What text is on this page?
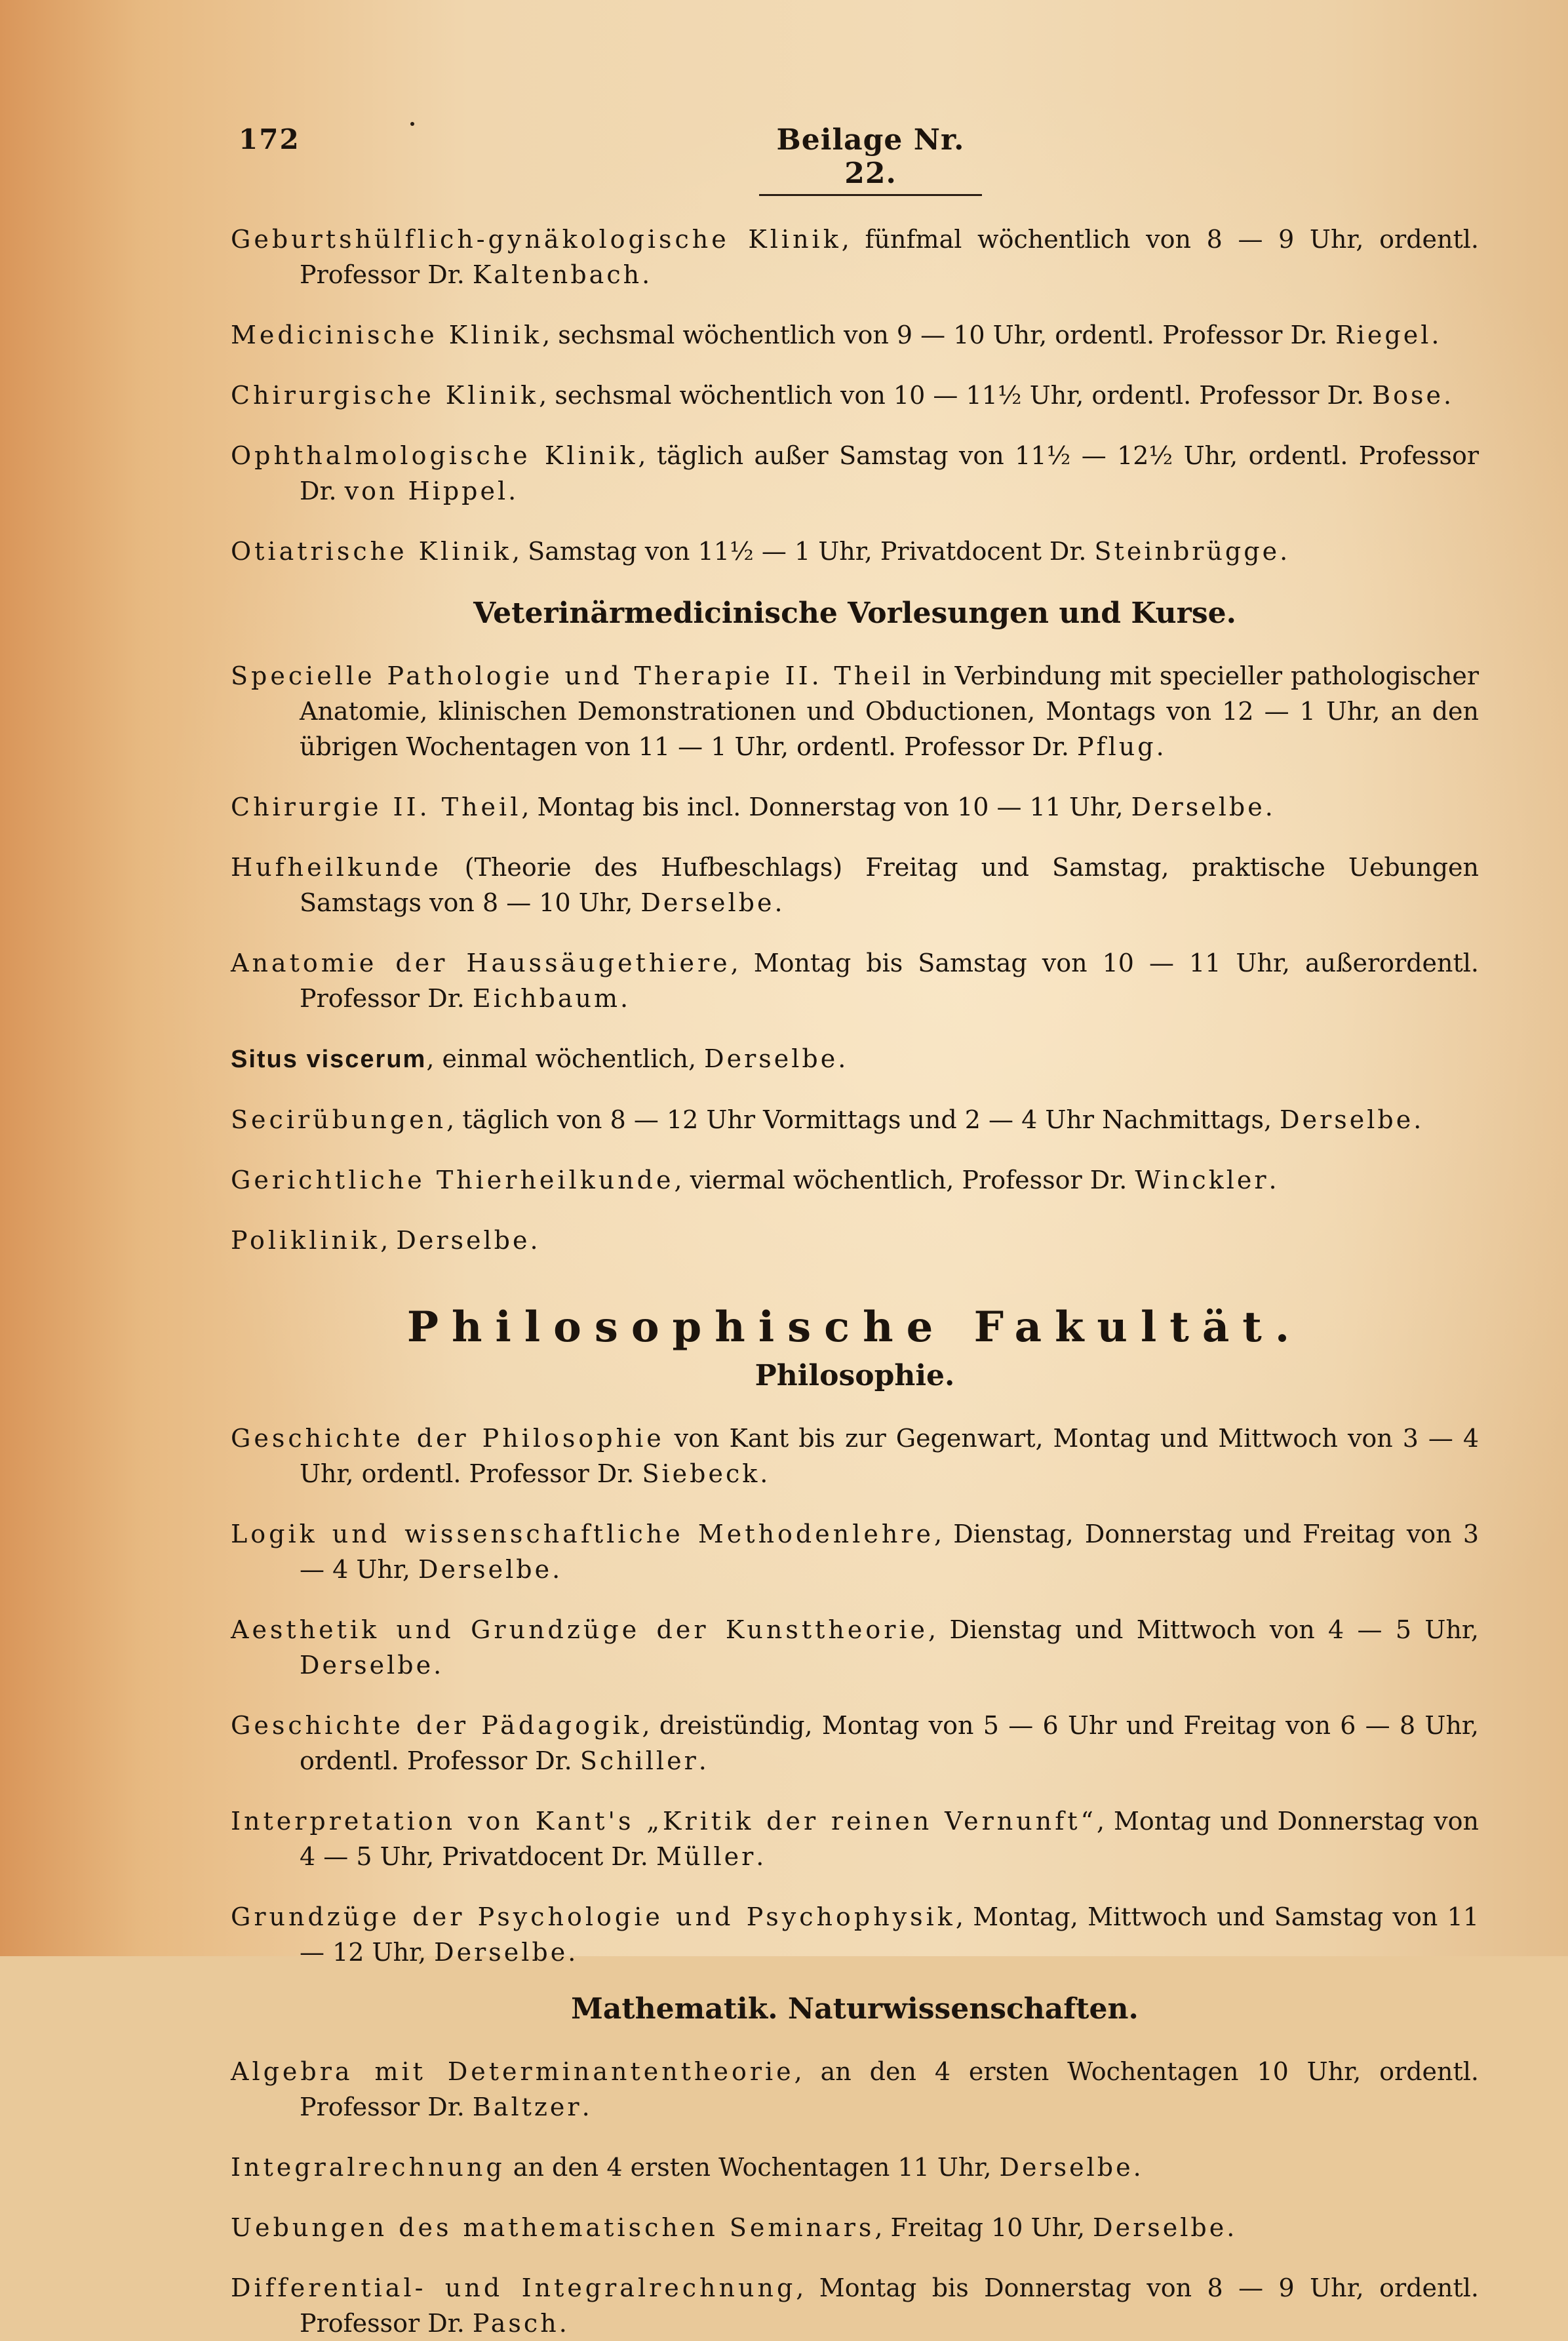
172	Beilage Nr. 22.

Geburtshülflich-gynäkologische Klinik, fünfmal wöchentlich von 8 — 9 Uhr, ordentl. Professor Dr. Kaltenbach.

Medicinische Klinik, sechsmal wöchentlich von 9 — 10 Uhr, ordentl. Professor Dr. Riegel.

Chirurgische Klinik, sechsmal wöchentlich von 10 — 11½ Uhr, ordentl. Professor Dr. Bose.

Ophthalmologische Klinik, täglich außer Samstag von 11½ — 12½ Uhr, ordentl. Professor Dr. von Hippel.

Otiatrische Klinik, Samstag von 11½ — 1 Uhr, Privatdocent Dr. Steinbrügge.

Veterinärmedicinische Vorlesungen und Kurse.

Specielle Pathologie und Therapie II. Theil in Verbindung mit specieller pathologischer Anatomie, klinischen Demonstrationen und Obductionen, Montags von 12 — 1 Uhr, an den übrigen Wochentagen von 11 — 1 Uhr, ordentl. Professor Dr. Pflug.

Chirurgie II. Theil, Montag bis incl. Donnerstag von 10 — 11 Uhr, Derselbe.

Hufheilkunde (Theorie des Hufbeschlags) Freitag und Samstag, praktische Uebungen Samstags von 8 — 10 Uhr, Derselbe.

Anatomie der Haussäugethiere, Montag bis Samstag von 10 — 11 Uhr, außerordentl. Professor Dr. Eichbaum.

Situs viscerum, einmal wöchentlich, Derselbe.

Secirübungen, täglich von 8 — 12 Uhr Vormittags und 2 — 4 Uhr Nachmittags, Derselbe.

Gerichtliche Thierheilkunde, viermal wöchentlich, Professor Dr. Winckler.

Poliklinik, Derselbe.

Philosophische Fakultät.
Philosophie.

Geschichte der Philosophie von Kant bis zur Gegenwart, Montag und Mittwoch von 3 — 4 Uhr, ordentl. Professor Dr. Siebeck.

Logik und wissenschaftliche Methodenlehre, Dienstag, Donnerstag und Freitag von 3 — 4 Uhr, Derselbe.

Aesthetik und Grundzüge der Kunsttheorie, Dienstag und Mittwoch von 4 — 5 Uhr, Derselbe.

Geschichte der Pädagogik, dreistündig, Montag von 5 — 6 Uhr und Freitag von 6 — 8 Uhr, ordentl. Professor Dr. Schiller.

Interpretation von Kant's „Kritik der reinen Vernunft“, Montag und Donnerstag von 4 — 5 Uhr, Privatdocent Dr. Müller.

Grundzüge der Psychologie und Psychophysik, Montag, Mittwoch und Samstag von 11 — 12 Uhr, Derselbe.

Mathematik. Naturwissenschaften.

Algebra mit Determinantentheorie, an den 4 ersten Wochentagen 10 Uhr, ordentl. Professor Dr. Baltzer.

Integralrechnung an den 4 ersten Wochentagen 11 Uhr, Derselbe.

Uebungen des mathematischen Seminars, Freitag 10 Uhr, Derselbe.

Differential- und Integralrechnung, Montag bis Donnerstag von 8 — 9 Uhr, ordentl. Professor Dr. Pasch.
